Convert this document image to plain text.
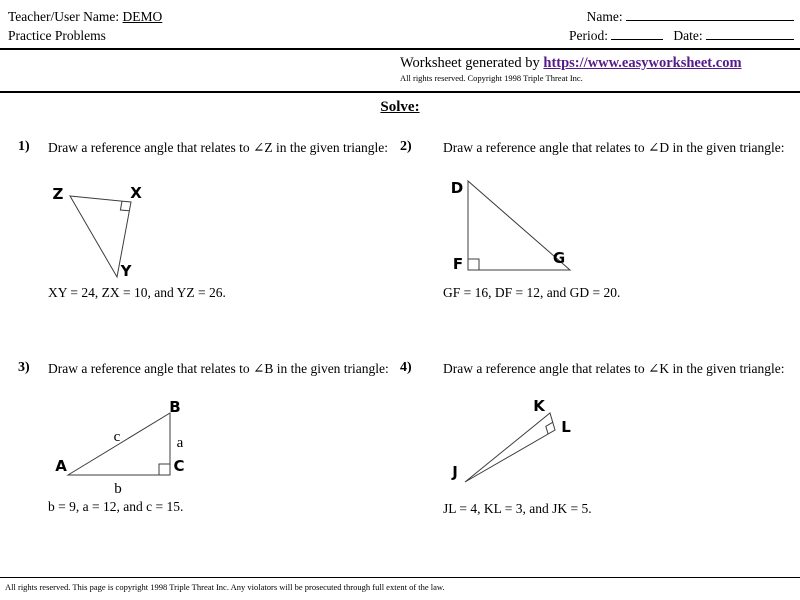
Teacher/User Name: DEMO
Practice Problems
Name:
Period:	Date:
Worksheet generated by https://www.easyworksheet.com
All rights reserved. Copyright 1998 Triple Threat Inc.
Solve:
1) Draw a reference angle that relates to ∠Z in the given triangle:
Z	X
Y
XY = 24, ZX = 10, and YZ = 26.
2) Draw a reference angle that relates to ∠D in the given triangle:
D
F	G
GF = 16, DF = 12, and GD = 20.
3) Draw a reference angle that relates to ∠B in the given triangle:
A
B
C
c	a
b
b = 9, a = 12, and c = 15.
4) Draw a reference angle that relates to ∠K in the given triangle:
K
L
J
JL = 4, KL = 3, and JK = 5.
All rights reserved. This page is copyright 1998 Triple Threat Inc. Any violators will be prosecuted through full extent of the law.
